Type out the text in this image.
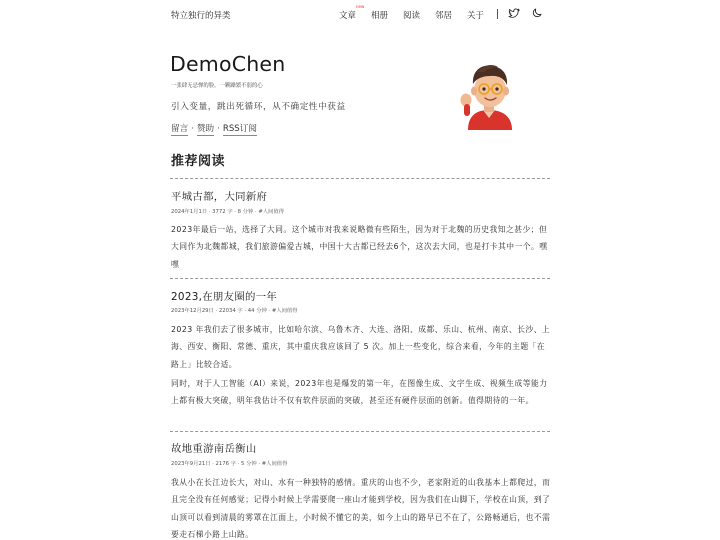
特立独行的异类	文章
new
相册 阅读 邻居 关于
DemoChen
一张肆无忌惮的脸，一颗躁繁不弱的心
引入变量，跳出死循环，从不确定性中获益
留言 · 赞助 · RSS订阅
推荐阅读
平城古都，大同新府
2024年1月1日 · 3772 字 · 8 分钟 · #人间值得
2023年最后一站，选择了大同。这个城市对我来说略微有些陌生，因为对于北魏的历史我知之甚少；但大同作为北魏都城，我们旅游偏爱古城，中国十大古都已经去6个，这次去大同，也是打卡其中一个。嘿嘿
2023,在朋友圈的一年
2023年12月29日 · 22034 字 · 44 分钟 · #人间值得
2023 年我们去了很多城市，比如哈尔滨、乌鲁木齐、大连、洛阳、成都、乐山、杭州、南京、长沙、上海、西安、衡阳、常德、重庆，其中重庆我应该回了 5 次。加上一些变化，综合来看，今年的主题「在路上」比较合适。
同时，对于人工智能（AI）来说，2023年也是爆发的第一年，在图像生成、文字生成、视频生成等能力上都有极大突破，明年我估计不仅有软件层面的突破，甚至还有硬件层面的创新。值得期待的一年。
故地重游南岳衡山
2023年9月21日 · 2176 字 · 5 分钟 · #人间值得
我从小在长江边长大，对山、水有一种独特的感情。重庆的山也不少，老家附近的山我基本上都爬过，而且完全没有任何感觉；记得小时候上学需要爬一座山才能到学校，因为我们在山脚下，学校在山顶，到了山顶可以看到清晨的雾罩在江面上，小时候不懂它的美，如今上山的路早已不在了，公路畅通后，也不需要走石梯小路上山路。
